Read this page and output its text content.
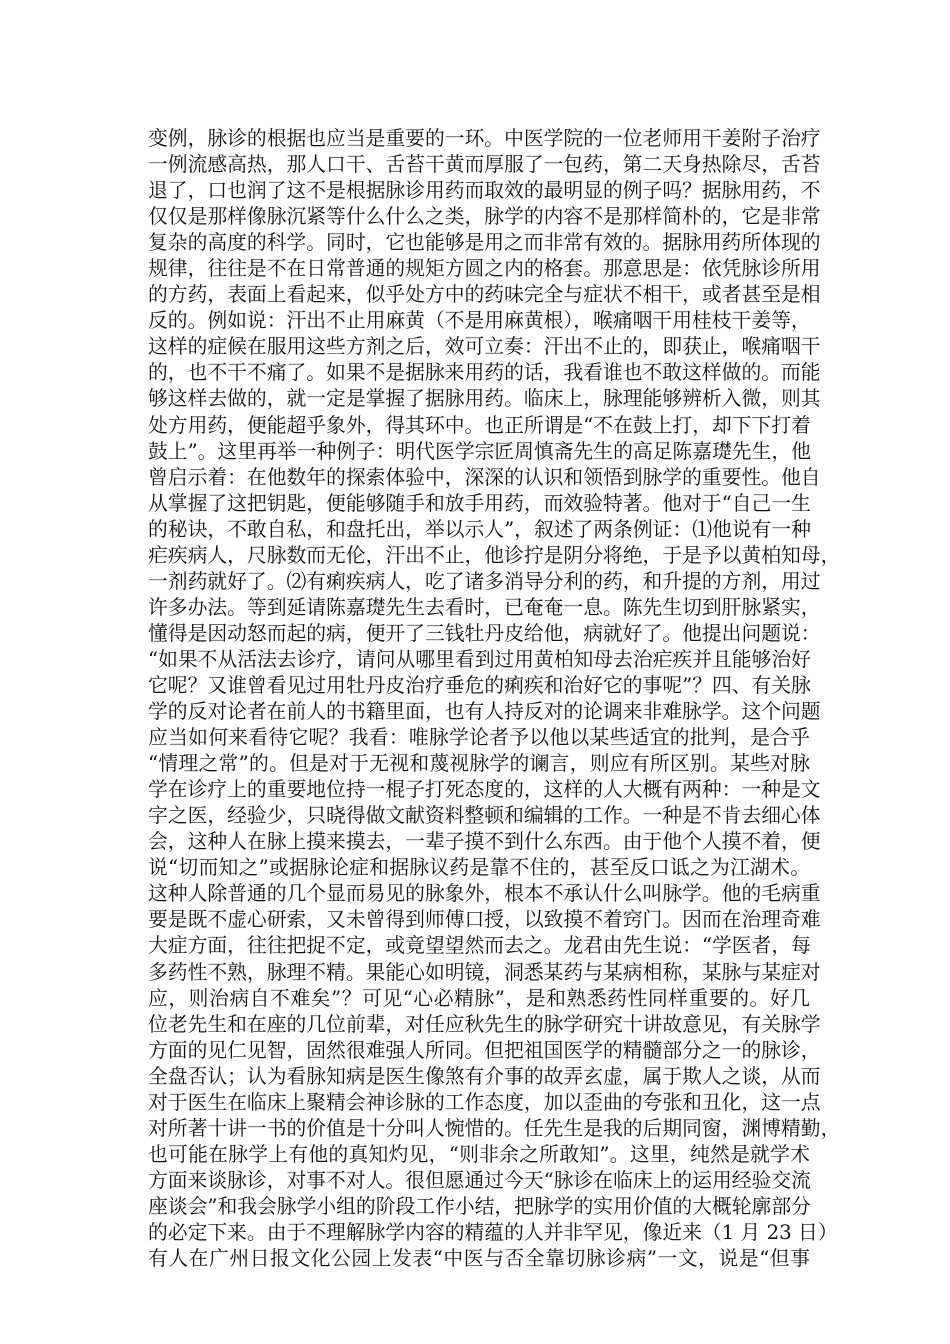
变例，脉诊的根据也应当是重要的一环。中医学院的一位老师用干姜附子治疗
一例流感高热，那人口干、舌苔干黄而厚服了一包药，第二天身热除尽，舌苔
退了，口也润了这不是根据脉诊用药而取效的最明显的例子吗？据脉用药，不
仅仅是那样像脉沉紧等什么什么之类，脉学的内容不是那样简朴的，它是非常
复杂的高度的科学。同时，它也能够是用之而非常有效的。据脉用药所体现的
规律，往往是不在日常普通的规矩方圆之内的格套。那意思是：依凭脉诊所用
的方药，表面上看起来，似乎处方中的药味完全与症状不相干，或者甚至是相
反的。例如说：汗出不止用麻黄（不是用麻黄根），喉痛咽干用桂枝干姜等，
这样的症候在服用这些方剂之后，效可立奏：汗出不止的，即获止，喉痛咽干
的，也不干不痛了。如果不是据脉来用药的话，我看谁也不敢这样做的。而能
够这样去做的，就一定是掌握了据脉用药。临床上，脉理能够辨析入微，则其
处方用药，便能超乎象外，得其环中。也正所谓是“不在鼓上打，却下下打着
鼓上”。这里再举一种例子：明代医学宗匠周慎斋先生的高足陈嘉璴先生，他
曾启示着：在他数年的探索体验中，深深的认识和领悟到脉学的重要性。他自
从掌握了这把钥匙，便能够随手和放手用药，而效验特著。他对于“自己一生
的秘诀，不敢自私，和盘托出，举以示人”，叙述了两条例证：⑴他说有一种
疟疾病人，尺脉数而无伦，汗出不止，他诊拧是阴分将绝，于是予以黄柏知母，
一剂药就好了。⑵有痢疾病人，吃了诸多消导分利的药，和升提的方剂，用过
许多办法。等到延请陈嘉璴先生去看时，已奄奄一息。陈先生切到肝脉紧实，
懂得是因动怒而起的病，便开了三钱牡丹皮给他，病就好了。他提出问题说：
“如果不从活法去诊疗，请问从哪里看到过用黄柏知母去治疟疾并且能够治好
它呢？又谁曾看见过用牡丹皮治疗垂危的痢疾和治好它的事呢”？四、有关脉
学的反对论者在前人的书籍里面，也有人持反对的论调来非难脉学。这个问题
应当如何来看待它呢？我看：唯脉学论者予以他以某些适宜的批判，是合乎
“情理之常”的。但是对于无视和蔑视脉学的谰言，则应有所区别。某些对脉
学在诊疗上的重要地位持一棍子打死态度的，这样的人大概有两种：一种是文
字之医，经验少，只晓得做文献资料整顿和编辑的工作。一种是不肯去细心体
会，这种人在脉上摸来摸去，一辈子摸不到什么东西。由于他个人摸不着，便
说“切而知之”或据脉论症和据脉议药是靠不住的，甚至反口诋之为江湖术。
这种人除普通的几个显而易见的脉象外，根本不承认什么叫脉学。他的毛病重
要是既不虚心研索，又未曾得到师傅口授，以致摸不着窍门。因而在治理奇难
大症方面，往往把捉不定，或竟望望然而去之。龙君由先生说：“学医者，每
多药性不熟，脉理不精。果能心如明镜，洞悉某药与某病相称，某脉与某症对
应，则治病自不难矣”？可见“心必精脉”，是和熟悉药性同样重要的。好几
位老先生和在座的几位前辈，对任应秋先生的脉学研究十讲故意见，有关脉学
方面的见仁见智，固然很难强人所同。但把祖国医学的精髓部分之一的脉诊，
全盘否认；认为看脉知病是医生像煞有介事的故弄玄虚，属于欺人之谈，从而
对于医生在临床上聚精会神诊脉的工作态度，加以歪曲的夸张和丑化，这一点
对所著十讲一书的价值是十分叫人惋惜的。任先生是我的后期同窗，渊博精勤，
也可能在脉学上有他的真知灼见，“则非余之所敢知”。这里，纯然是就学术
方面来谈脉诊，对事不对人。很但愿通过今天“脉诊在临床上的运用经验交流
座谈会”和我会脉学小组的阶段工作小结，把脉学的实用价值的大概轮廓部分
的必定下来。由于不理解脉学内容的精蕴的人并非罕见，像近来（1 月 23 日）
有人在广州日报文化公园上发表“中医与否全靠切脉诊病”一文，说是“但事
